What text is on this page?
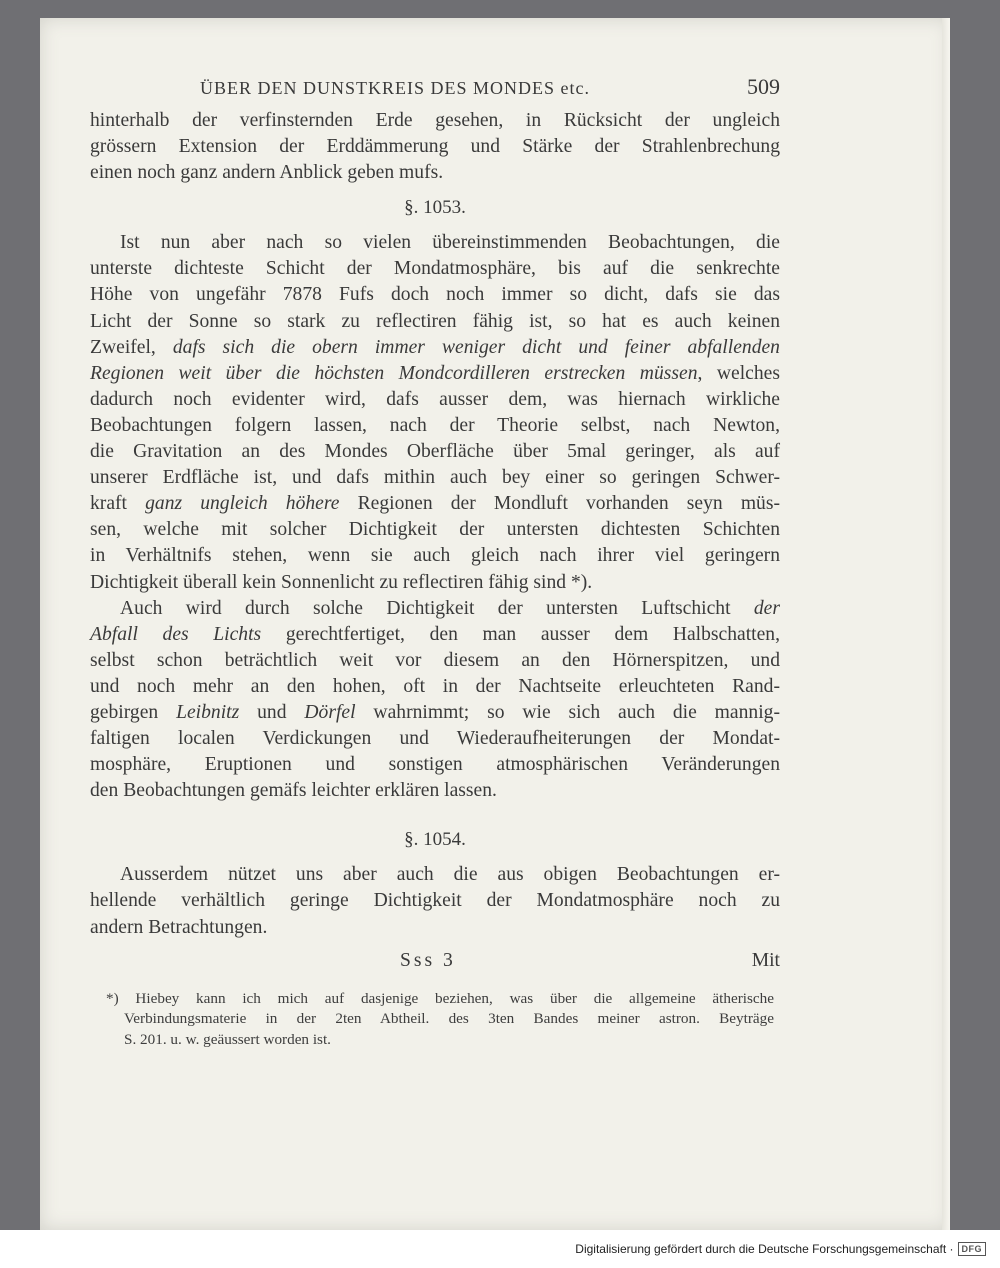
ÜBER DEN DUNSTKREIS DES MONDES etc.	509
hinterhalb der verfinsternden Erde gesehen, in Rücksicht der ungleich
grössern Extension der Erddämmerung und Stärke der Strahlenbrechung
einen noch ganz andern Anblick geben mufs.
§. 1053.
Ist nun aber nach so vielen übereinstimmenden Beobachtungen, die
unterste dichteste Schicht der Mondatmosphäre, bis auf die senkrechte
Höhe von ungefähr 7878 Fufs doch noch immer so dicht, dafs sie das
Licht der Sonne so stark zu reflectiren fähig ist, so hat es auch keinen
Zweifel, dafs sich die obern immer weniger dicht und feiner abfallenden
Regionen weit über die höchsten Mondcordilleren erstrecken müssen, welches
dadurch noch evidenter wird, dafs ausser dem, was hiernach wirkliche
Beobachtungen folgern lassen, nach der Theorie selbst, nach Newton,
die Gravitation an des Mondes Oberfläche über 5mal geringer, als auf
unserer Erdfläche ist, und dafs mithin auch bey einer so geringen Schwer-
kraft ganz ungleich höhere Regionen der Mondluft vorhanden seyn müs-
sen, welche mit solcher Dichtigkeit der untersten dichtesten Schichten
in Verhältnifs stehen, wenn sie auch gleich nach ihrer viel geringern
Dichtigkeit überall kein Sonnenlicht zu reflectiren fähig sind *).
Auch wird durch solche Dichtigkeit der untersten Luftschicht der
Abfall des Lichts gerechtfertiget, den man ausser dem Halbschatten,
selbst schon beträchtlich weit vor diesem an den Hörnerspitzen, und
und noch mehr an den hohen, oft in der Nachtseite erleuchteten Rand-
gebirgen Leibnitz und Dörfel wahrnimmt; so wie sich auch die mannig-
faltigen localen Verdickungen und Wiederaufheiterungen der Mondat-
mosphäre, Eruptionen und sonstigen atmosphärischen Veränderungen
den Beobachtungen gemäfs leichter erklären lassen.
§. 1054.
Ausserdem nützet uns aber auch die aus obigen Beobachtungen er-
hellende verhältlich geringe Dichtigkeit der Mondatmosphäre noch zu
andern Betrachtungen.
Sss 3	Mit
*) Hiebey kann ich mich auf dasjenige beziehen, was über die allgemeine ätherische
Verbindungsmaterie in der 2ten Abtheil. des 3ten Bandes meiner astron. Beyträge
S. 201. u. w. geäussert worden ist.
Digitalisierung gefördert durch die Deutsche Forschungsgemeinschaft · DFG
